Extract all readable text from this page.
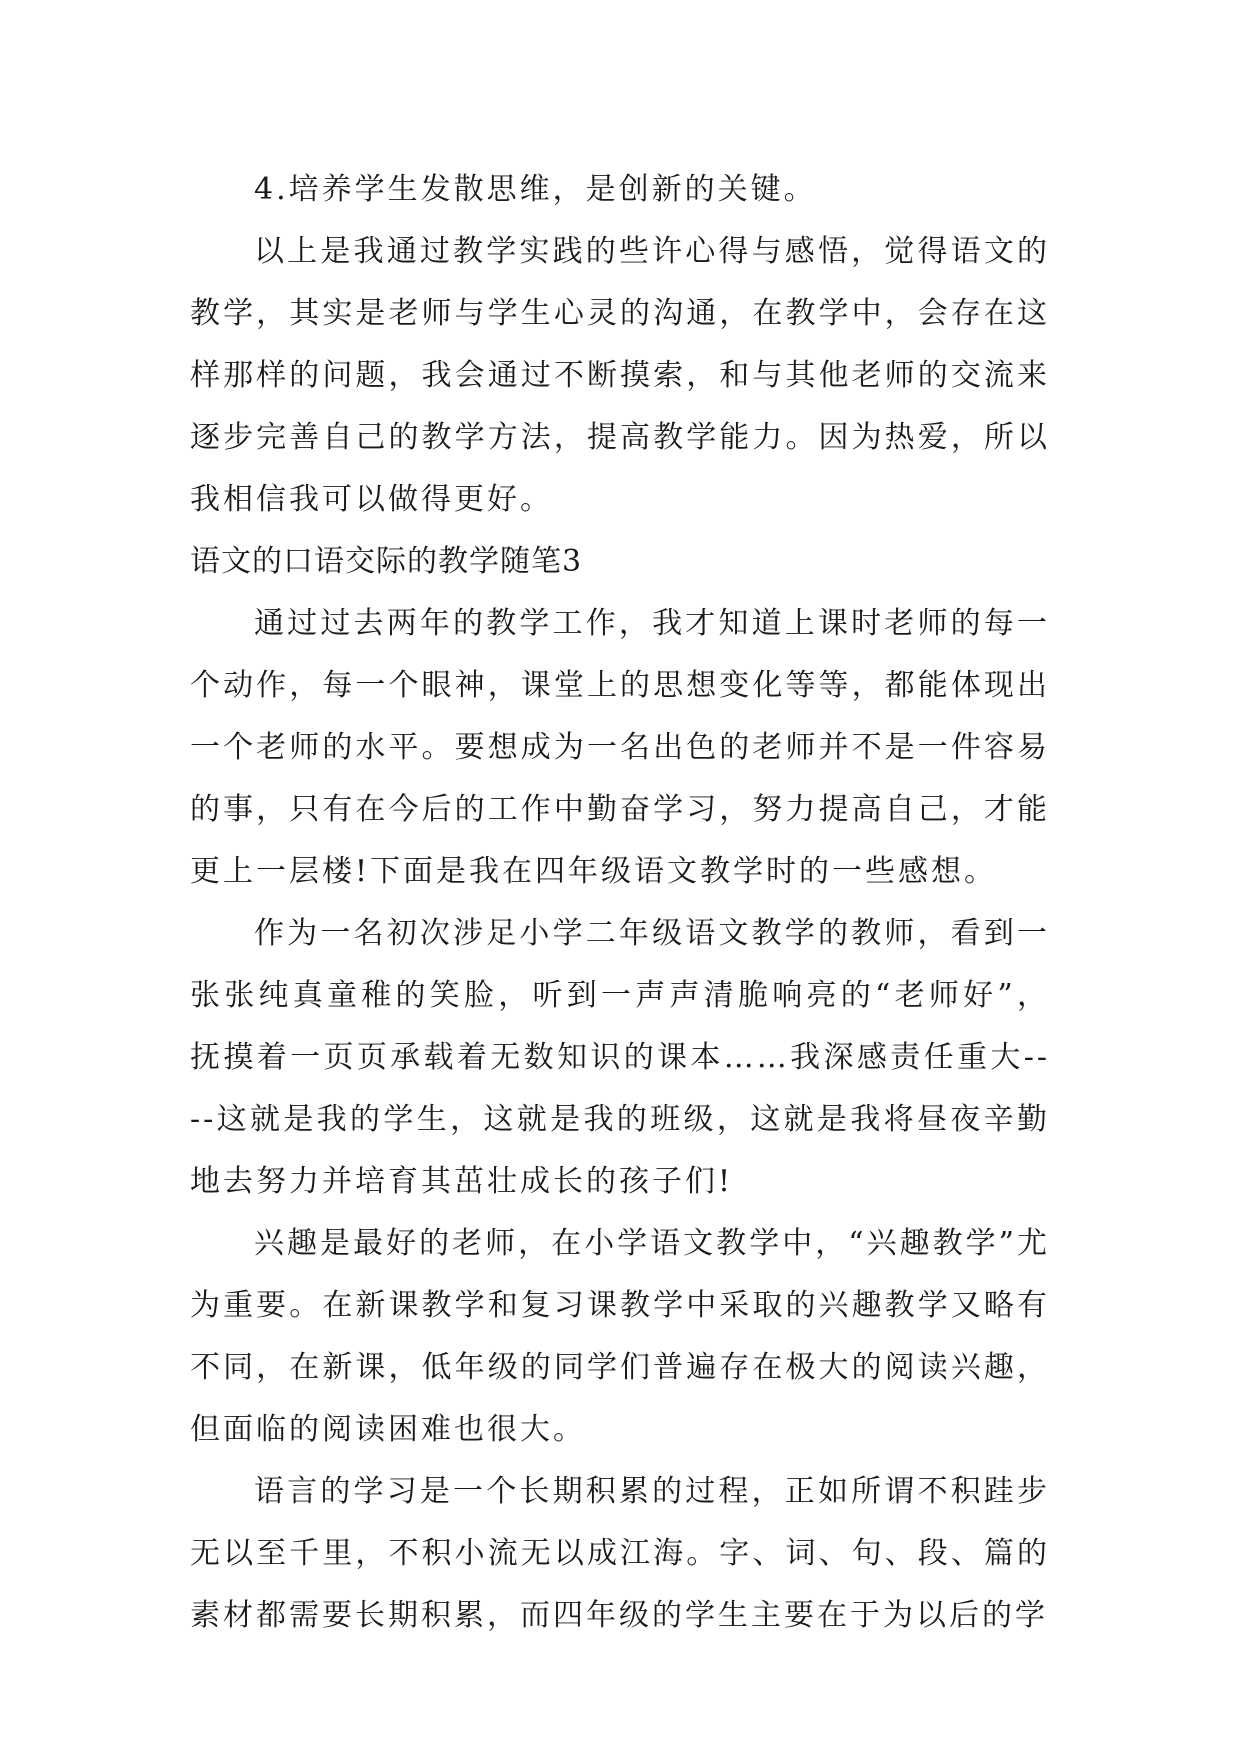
4.培养学生发散思维，是创新的关键。

以上是我通过教学实践的些许心得与感悟，觉得语文的教学，其实是老师与学生心灵的沟通，在教学中，会存在这样那样的问题，我会通过不断摸索，和与其他老师的交流来逐步完善自己的教学方法，提高教学能力。因为热爱，所以我相信我可以做得更好。

语文的口语交际的教学随笔3

通过过去两年的教学工作，我才知道上课时老师的每一个动作，每一个眼神，课堂上的思想变化等等，都能体现出一个老师的水平。要想成为一名出色的老师并不是一件容易的事，只有在今后的工作中勤奋学习，努力提高自己，才能更上一层楼!下面是我在四年级语文教学时的一些感想。

作为一名初次涉足小学二年级语文教学的教师，看到一张张纯真童稚的笑脸，听到一声声清脆响亮的“老师好”，抚摸着一页页承载着无数知识的课本……我深感责任重大----这就是我的学生，这就是我的班级，这就是我将昼夜辛勤地去努力并培育其茁壮成长的孩子们!

兴趣是最好的老师，在小学语文教学中，“兴趣教学”尤为重要。在新课教学和复习课教学中采取的兴趣教学又略有不同，在新课，低年级的同学们普遍存在极大的阅读兴趣，但面临的阅读困难也很大。

语言的学习是一个长期积累的过程，正如所谓不积跬步无以至千里，不积小流无以成江海。字、词、句、段、篇的素材都需要长期积累，而四年级的学生主要在于为以后的学
